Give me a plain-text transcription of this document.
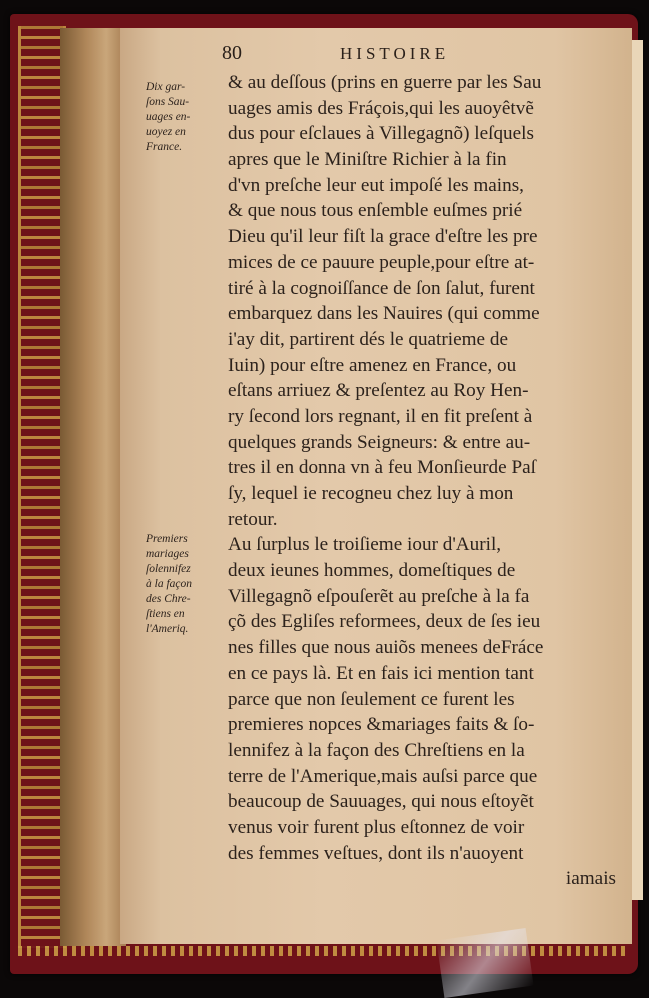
80	HISTOIRE
Dix gar-
ſons Sau-
uages en-
uoyez en
France.
Premiers
mariages
ſolennifez
à la façon
des Chre-
ſtiens en
l'Ameriq.
& au deſſous (prins en guerre par les Sau
uages amis des Fráçois,qui les auoyêtvẽ
dus pour eſclaues à Villegagnõ) leſquels
apres que le Miniſtre Richier à la fin
d'vn preſche leur eut impoſé les mains,
& que nous tous enſemble euſmes prié
Dieu qu'il leur fiſt la grace d'eſtre les pre
mices de ce pauure peuple,pour eſtre at-
tiré à la cognoiſſance de ſon ſalut, furent
embarquez dans les Nauires (qui comme
i'ay dit, partirent dés le quatrieme de
Iuin) pour eſtre amenez en France, ou
eſtans arriuez & preſentez au Roy Hen-
ry ſecond lors regnant, il en fit preſent à
quelques grands Seigneurs: & entre au-
tres il en donna vn à feu Monſieurde Paſ
ſy, lequel ie recogneu chez luy à mon
retour.
Au ſurplus le troiſieme iour d'Auril,
deux ieunes hommes, domeſtiques de
Villegagnõ eſpouſerẽt au preſche à la fa
çõ des Egliſes reformees, deux de ſes ieu
nes filles que nous auiõs menees deFráce
en ce pays là. Et en fais ici mention tant
parce que non ſeulement ce furent les
premieres nopces &mariages faits & ſo-
lennifez à la façon des Chreſtiens en la
terre de l'Amerique,mais auſsi parce que
beaucoup de Sauuages, qui nous eſtoyẽt
venus voir furent plus eſtonnez de voir
des femmes veſtues, dont ils n'auoyent
iamais
